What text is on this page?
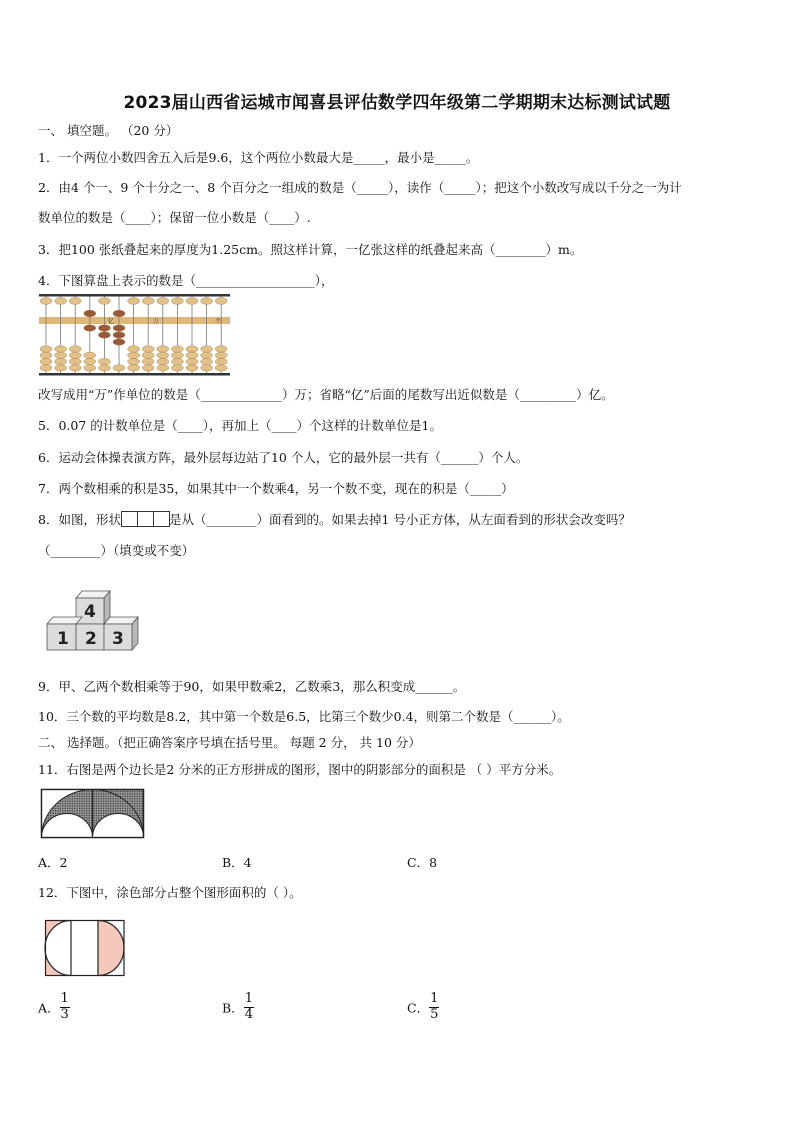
2023届山西省运城市闻喜县评估数学四年级第二学期期末达标测试试题
一、 填空题。 （20 分）
1．一个两位小数四舍五入后是9.6，这个两位小数最大是_____，最小是_____。
2．由4 个一、9 个十分之一、8 个百分之一组成的数是（_____），读作（_____）；把这个小数改写成以千分之一为计
数单位的数是（____）；保留一位小数是（____）.
3．把100 张纸叠起来的厚度为1.25cm。照这样计算，一亿张这样的纸叠起来高（________）m。
4．下图算盘上表示的数是（___________________），
亿	万	个
改写成用“万”作单位的数是（_____________）万；省略“亿”后面的尾数写出近似数是（_________）亿。
5．0.07 的计数单位是（____），再加上（____）个这样的计数单位是1。
6．运动会体操表演方阵，最外层每边站了10 个人，它的最外层一共有（______）个人。
7．两个数相乘的积是35，如果其中一个数乘4，另一个数不变，现在的积是（_____）
8．如图，形状	是从（________）面看到的。如果去掉1 号小正方体，从左面看到的形状会改变吗？
（________）（填变或不变）
1 2 3
4
9．甲、乙两个数相乘等于90，如果甲数乘2，乙数乘3，那么积变成______。
10．三个数的平均数是8.2，其中第一个数是6.5，比第三个数少0.4，则第二个数是（______）。
二、 选择题。（把正确答案序号填在括号里。 每题 2 分， 共 10 分）
11．右图是两个边长是2 分米的正方形拼成的图形，图中的阴影部分的面积是 （ ）平方分米。
A．2	B．4	C．8
12．下图中，涂色部分占整个图形面积的（ ）。
A． $\frac{1}{3}$	B． $\frac{1}{4}$	C． $\frac{1}{5}$
